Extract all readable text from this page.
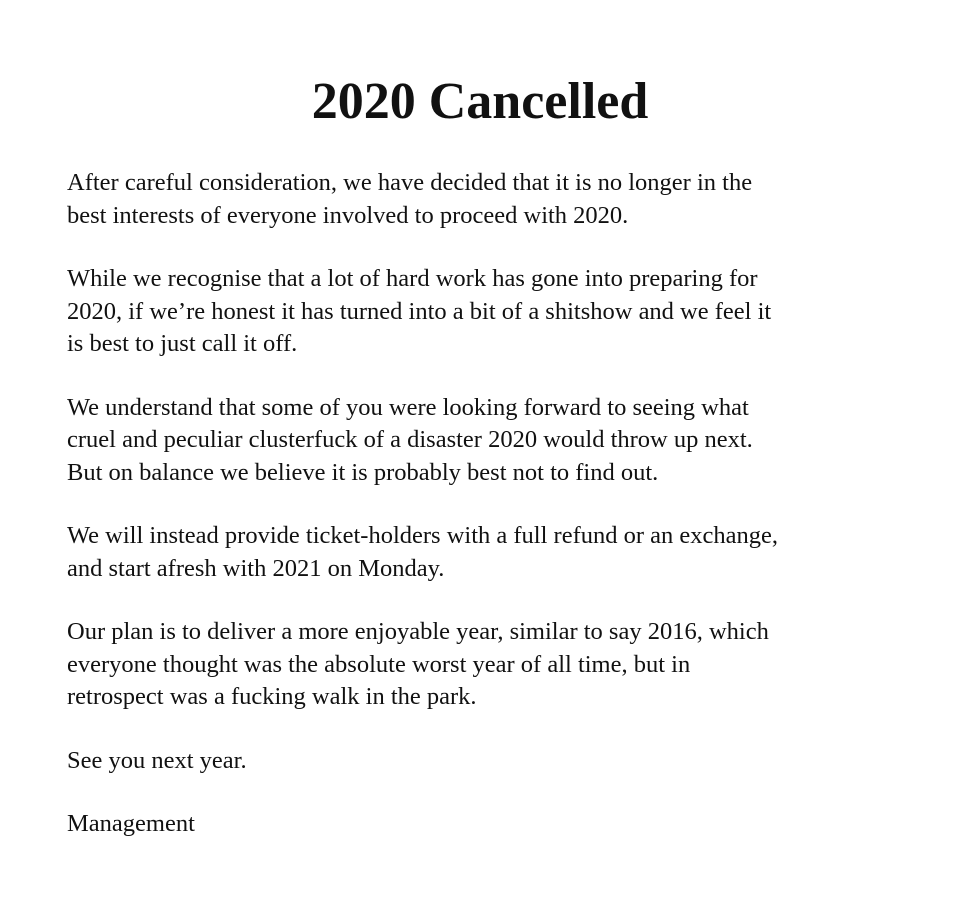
2020 Cancelled

After careful consideration, we have decided that it is no longer in the
best interests of everyone involved to proceed with 2020.

While we recognise that a lot of hard work has gone into preparing for
2020, if we’re honest it has turned into a bit of a shitshow and we feel it
is best to just call it off.

We understand that some of you were looking forward to seeing what
cruel and peculiar clusterfuck of a disaster 2020 would throw up next.
But on balance we believe it is probably best not to find out.

We will instead provide ticket-holders with a full refund or an exchange,
and start afresh with 2021 on Monday.

Our plan is to deliver a more enjoyable year, similar to say 2016, which
everyone thought was the absolute worst year of all time, but in
retrospect was a fucking walk in the park.

See you next year.

Management
